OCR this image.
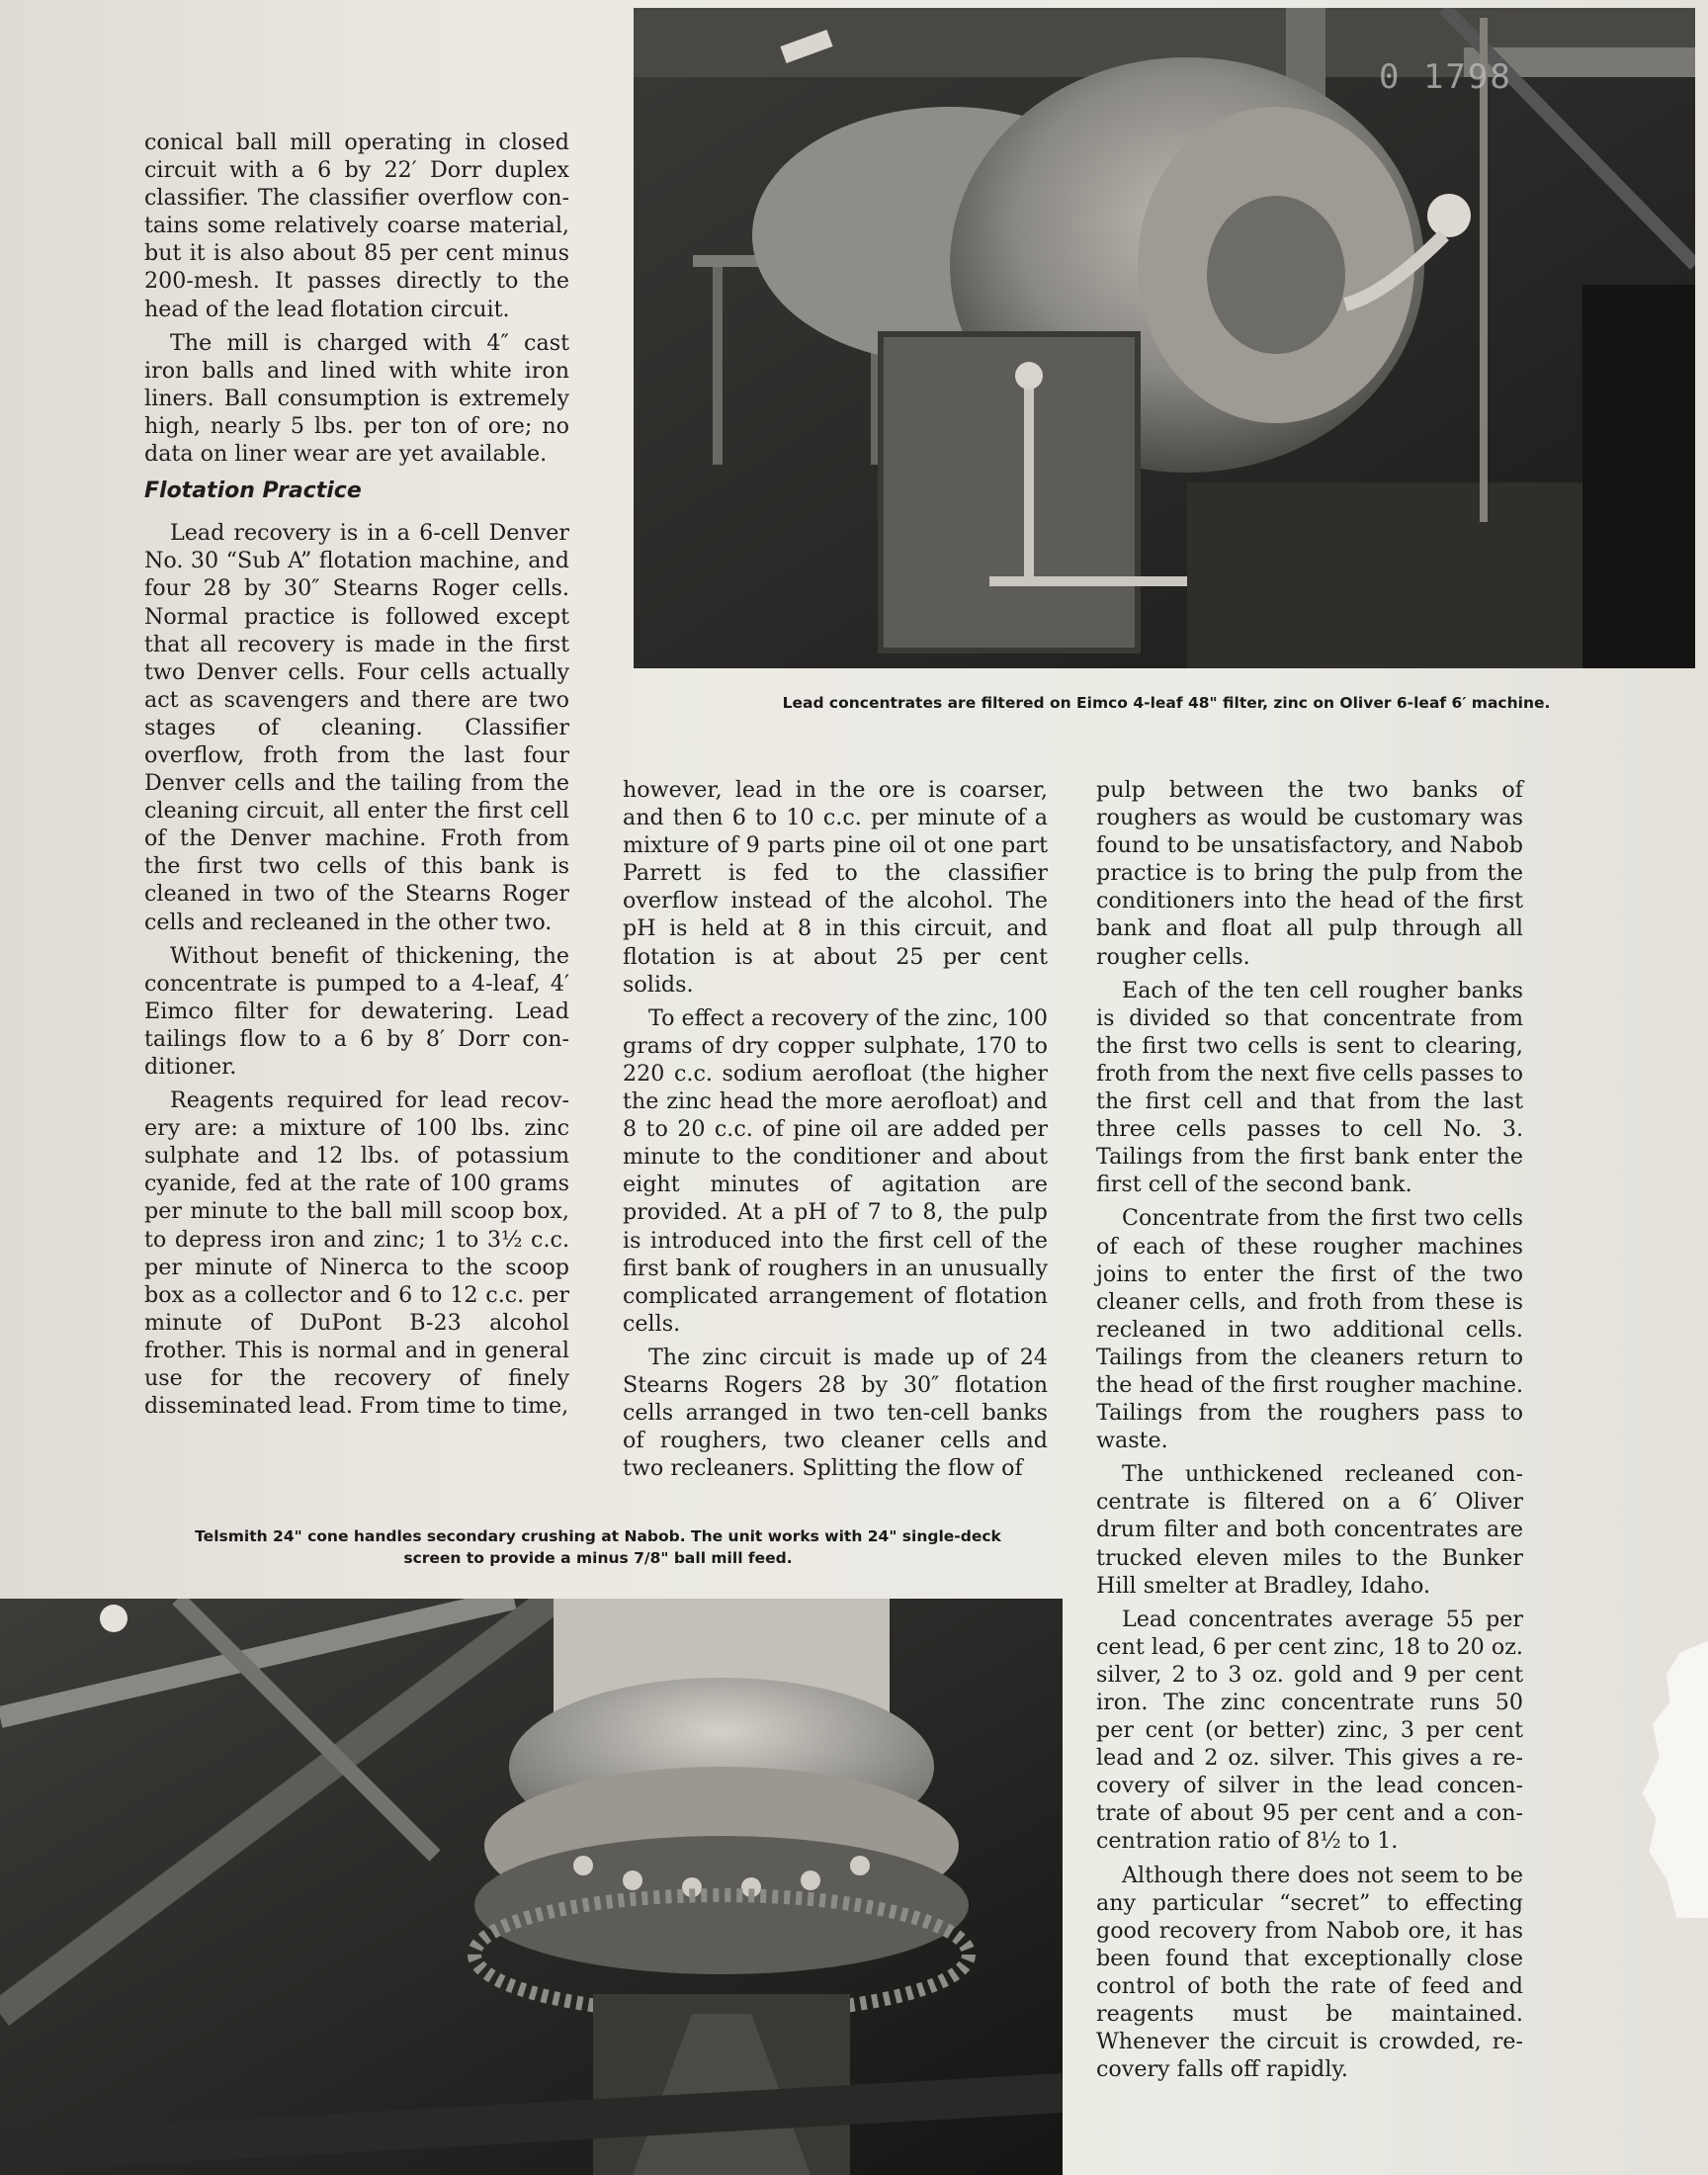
0 1798
Lead concentrates are filtered on Eimco 4-leaf 48" filter, zinc on Oliver 6-leaf 6′ machine.

conical ball mill operating in closed circuit with a 6 by 22′ Dorr duplex classifier. The classifier overflow contains some relatively coarse material, but it is also about 85 per cent minus 200-mesh. It passes directly to the head of the lead flotation circuit.

The mill is charged with 4″ cast iron balls and lined with white iron liners. Ball consumption is extremely high, nearly 5 lbs. per ton of ore; no data on liner wear are yet available.

Flotation Practice

Lead recovery is in a 6-cell Denver No. 30 “Sub A” flotation machine, and four 28 by 30″ Stearns Roger cells. Normal practice is followed except that all recovery is made in the first two Denver cells. Four cells actually act as scavengers and there are two stages of cleaning. Classifier overflow, froth from the last four Denver cells and the tailing from the cleaning circuit, all enter the first cell of the Denver machine. Froth from the first two cells of this bank is cleaned in two of the Stearns Roger cells and recleaned in the other two.

Without benefit of thickening, the concentrate is pumped to a 4-leaf, 4′ Eimco filter for dewatering. Lead tailings flow to a 6 by 8′ Dorr conditioner.

Reagents required for lead recovery are: a mixture of 100 lbs. zinc sulphate and 12 lbs. of potassium cyanide, fed at the rate of 100 grams per minute to the ball mill scoop box, to depress iron and zinc; 1 to 3½ c.c. per minute of Ninerca to the scoop box as a collector and 6 to 12 c.c. per minute of DuPont B-23 alcohol frother. This is normal and in general use for the recovery of finely disseminated lead. From time to time,

however, lead in the ore is coarser, and then 6 to 10 c.c. per minute of a mixture of 9 parts pine oil ot one part Parrett is fed to the classifier overflow instead of the alcohol. The pH is held at 8 in this circuit, and flotation is at about 25 per cent solids.

To effect a recovery of the zinc, 100 grams of dry copper sulphate, 170 to 220 c.c. sodium aerofloat (the higher the zinc head the more aerofloat) and 8 to 20 c.c. of pine oil are added per minute to the conditioner and about eight minutes of agitation are provided. At a pH of 7 to 8, the pulp is introduced into the first cell of the first bank of roughers in an unusually complicated arrangement of flotation cells.

The zinc circuit is made up of 24 Stearns Rogers 28 by 30″ flotation cells arranged in two ten-cell banks of roughers, two cleaner cells and two recleaners. Splitting the flow of

pulp between the two banks of roughers as would be customary was found to be unsatisfactory, and Nabob practice is to bring the pulp from the conditioners into the head of the first bank and float all pulp through all rougher cells.

Each of the ten cell rougher banks is divided so that concentrate from the first two cells is sent to clearing, froth from the next five cells passes to the first cell and that from the last three cells passes to cell No. 3. Tailings from the first bank enter the first cell of the second bank.

Concentrate from the first two cells of each of these rougher machines joins to enter the first of the two cleaner cells, and froth from these is recleaned in two additional cells. Tailings from the cleaners return to the head of the first rougher machine. Tailings from the roughers pass to waste.

The unthickened recleaned concentrate is filtered on a 6′ Oliver drum filter and both concentrates are trucked eleven miles to the Bunker Hill smelter at Bradley, Idaho.

Lead concentrates average 55 per cent lead, 6 per cent zinc, 18 to 20 oz. silver, 2 to 3 oz. gold and 9 per cent iron. The zinc concentrate runs 50 per cent (or better) zinc, 3 per cent lead and 2 oz. silver. This gives a recovery of silver in the lead concentrate of about 95 per cent and a concentration ratio of 8½ to 1.

Although there does not seem to be any particular “secret” to effecting good recovery from Nabob ore, it has been found that exceptionally close control of both the rate of feed and reagents must be maintained. Whenever the circuit is crowded, recovery falls off rapidly.

Telsmith 24" cone handles secondary crushing at Nabob. The unit works with 24" single-deck
screen to provide a minus 7/8" ball mill feed.
